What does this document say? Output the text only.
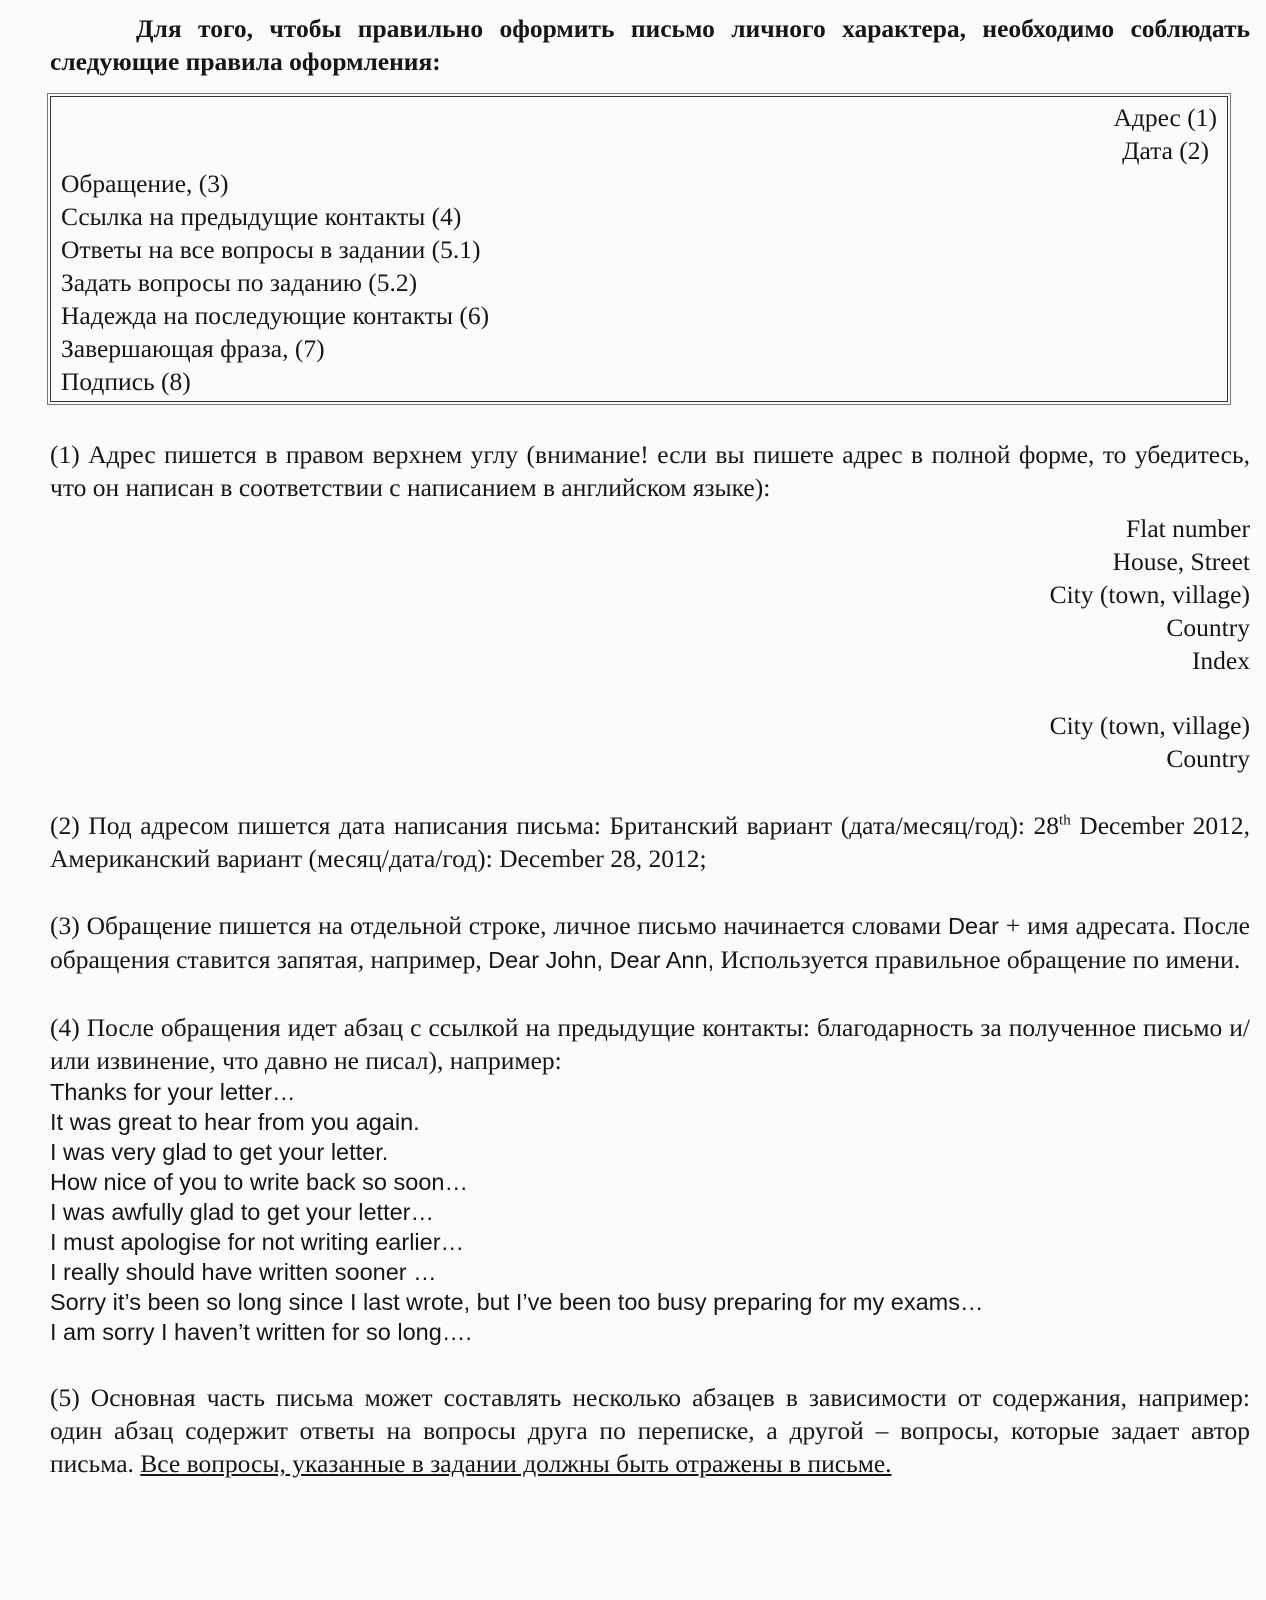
Для того, чтобы правильно оформить письмо личного характера, необходимо соблюдать следующие правила оформления:

Адрес (1)
Дата (2)
Обращение, (3)
Ссылка на предыдущие контакты (4)
Ответы на все вопросы в задании (5.1)
Задать вопросы по заданию (5.2)
Надежда на последующие контакты (6)
Завершающая фраза, (7)
Подпись (8)

(1) Адрес пишется в правом верхнем углу (внимание! если вы пишете адрес в полной форме, то убедитесь, что он написан в соответствии с написанием в английском языке):

Flat number
House, Street
City (town, village)
Country
Index
City (town, village)
Country

(2) Под адресом пишется дата написания письма: Британский вариант (дата/месяц/год): 28th December 2012, Американский вариант (месяц/дата/год): December 28, 2012;

(3) Обращение пишется на отдельной строке, личное письмо начинается словами Dear + имя адресата. После обращения ставится запятая, например, Dear John, Dear Ann, Используется правильное обращение по имени.

(4) После обращения идет абзац с ссылкой на предыдущие контакты: благодарность за полученное письмо и/или извинение, что давно не писал), например:

Thanks for your letter…
It was great to hear from you again.
I was very glad to get your letter.
How nice of you to write back so soon…
I was awfully glad to get your letter…
I must apologise for not writing earlier…
I really should have written sooner …
Sorry it’s been so long since I last wrote, but I’ve been too busy preparing for my exams…
I am sorry I haven’t written for so long….

(5) Основная часть письма может составлять несколько абзацев в зависимости от содержания, например: один абзац содержит ответы на вопросы друга по переписке, а другой – вопросы, которые задает автор письма. Все вопросы, указанные в задании должны быть отражены в письме.
